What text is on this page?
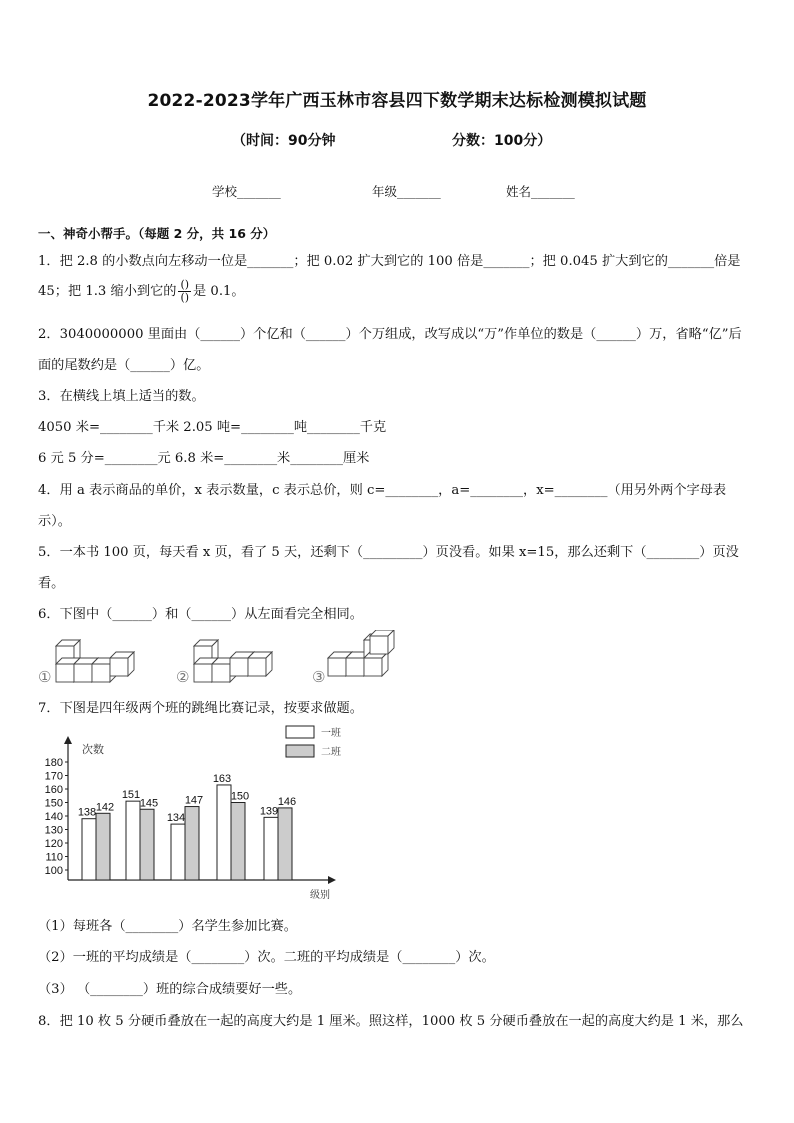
2022-2023学年广西玉林市容县四下数学期末达标检测模拟试题
（时间：90分钟	分数：100分）
学校_______	年级_______	姓名_______
一、神奇小帮手。（每题 2 分，共 16 分）
1．把 2.8 的小数点向左移动一位是_______；把 0.02 扩大到它的 100 倍是_______；把 0.045 扩大到它的_______倍是
45；把 1.3 缩小到它的 $\frac{()}{()}$ 是 0.1。
2．3040000000 里面由（______）个亿和（______）个万组成，改写成以“万”作单位的数是（______）万，省略“亿”后
面的尾数约是（______）亿。
3．在横线上填上适当的数。
4050 米=________千米 2.05 吨=________吨________千克
6 元 5 分=________元 6.8 米=________米________厘米
4．用 a 表示商品的单价，x 表示数量，c 表示总价，则 c=________，a=________，x=________（用另外两个字母表
示）。
5．一本书 100 页，每天看 x 页，看了 5 天，还剩下（_________）页没看。如果 x=15，那么还剩下（________）页没
看。
6．下图中（______）和（______）从左面看完全相同。
①	②	③
7．下图是四年级两个班的跳绳比赛记录，按要求做题。
次数
级别
100
110
120
130
140
150
160
170
180
138
151
134
163
139
142 145 147	150	146
一班
二班
（1）每班各（________）名学生参加比赛。
（2）一班的平均成绩是（________）次。二班的平均成绩是（________）次。
（3） （________）班的综合成绩要好一些。
8．把 10 枚 5 分硬币叠放在一起的高度大约是 1 厘米。照这样，1000 枚 5 分硬币叠放在一起的高度大约是 1 米，那么
